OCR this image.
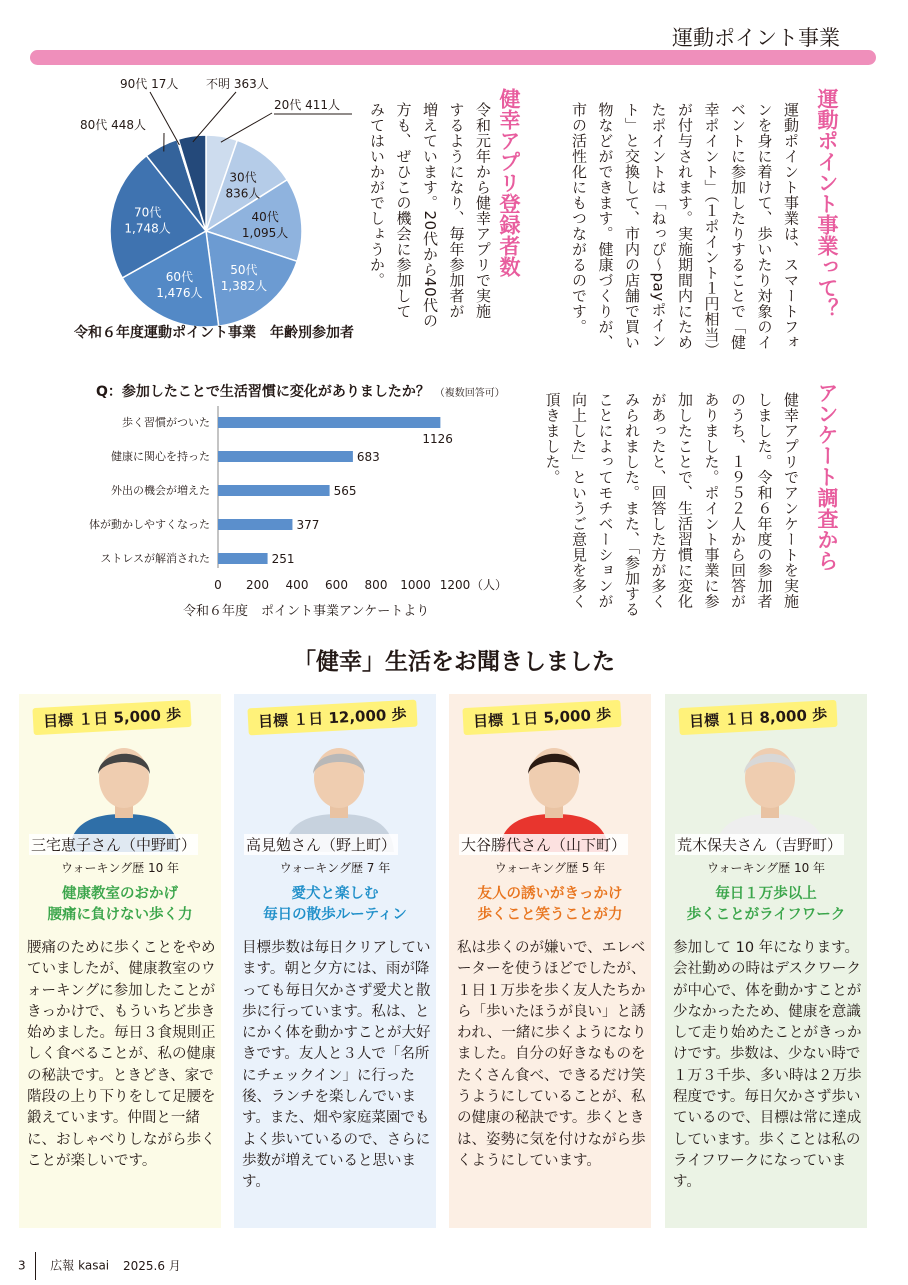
運動ポイント事業
運動ポイント事業って？
運動ポイント事業は、スマートフォンを身に着けて、歩いたり対象のイベントに参加したりすることで「健幸ポイント」（１ポイント１円相当）が付与されます。実施期間内にためたポイントは「ねっぴ～payポイント」と交換して、市内の店舗で買い物などができます。健康づくりが、市の活性化にもつながるのです。
健幸アプリ登録者数
令和元年から健幸アプリで実施するようになり、毎年参加者が増えています。20代から40代の方も、ぜひこの機会に参加してみてはいかがでしょうか。
20代 411人
30代
836人
40代
1,095人
50代
1,382人
60代
1,476人
70代
1,748人
80代 448人
90代 17人 不明 363人
令和６年度運動ポイント事業　年齢別参加者
アンケート調査から
健幸アプリでアンケートを実施しました。令和６年度の参加者のうち、１９５２人から回答がありました。ポイント事業に参加したことで、生活習慣に変化があったと、回答した方が多くみられました。また、「参加することによってモチベーションが向上した」というご意見を多く頂きました。
Q：参加したことで生活習慣に変化がありましたか？ （複数回答可）
歩く習慣がついた
健康に関心を持った
外出の機会が増えた
体が動かしやすくなった
ストレスが解消された
1126
683
565
377
251
0 200 400 600 800 1000 1200 （人）
令和６年度　ポイント事業アンケートより
「健幸」生活をお聞きしました
目標 １日 5,000 歩
三宅恵子さん（中野町）
ウォーキング歴 10 年
健康教室のおかげ
腰痛に負けない歩く力
腰痛のために歩くことをやめていましたが、健康教室のウォーキングに参加したことがきっかけで、もういちど歩き始めました。毎日３食規則正しく食べることが、私の健康の秘訣です。ときどき、家で階段の上り下りをして足腰を鍛えています。仲間と一緒に、おしゃべりしながら歩くことが楽しいです。
目標 １日 12,000 歩
高見勉さん（野上町）
ウォーキング歴 7 年
愛犬と楽しむ
毎日の散歩ルーティン
目標歩数は毎日クリアしています。朝と夕方には、雨が降っても毎日欠かさず愛犬と散歩に行っています。私は、とにかく体を動かすことが大好きです。友人と３人で「名所にチェックイン」に行った後、ランチを楽しんでいます。また、畑や家庭菜園でもよく歩いているので、さらに歩数が増えていると思います。
目標 １日 5,000 歩
大谷勝代さん（山下町）
ウォーキング歴 5 年
友人の誘いがきっかけ
歩くこと笑うことが力
私は歩くのが嫌いで、エレベーターを使うほどでしたが、１日１万歩を歩く友人たちから「歩いたほうが良い」と誘われ、一緒に歩くようになりました。自分の好きなものをたくさん食べ、できるだけ笑うようにしていることが、私の健康の秘訣です。歩くときは、姿勢に気を付けながら歩くようにしています。
目標 １日 8,000 歩
荒木保夫さん（吉野町）
ウォーキング歴 10 年
毎日１万歩以上
歩くことがライフワーク
参加して 10 年になります。会社勤めの時はデスクワークが中心で、体を動かすことが少なかったため、健康を意識して走り始めたことがきっかけです。歩数は、少ない時で１万３千歩、多い時は２万歩程度です。毎日欠かさず歩いているので、目標は常に達成しています。歩くことは私のライフワークになっています。
3 広報 kasai 2025.6 月
